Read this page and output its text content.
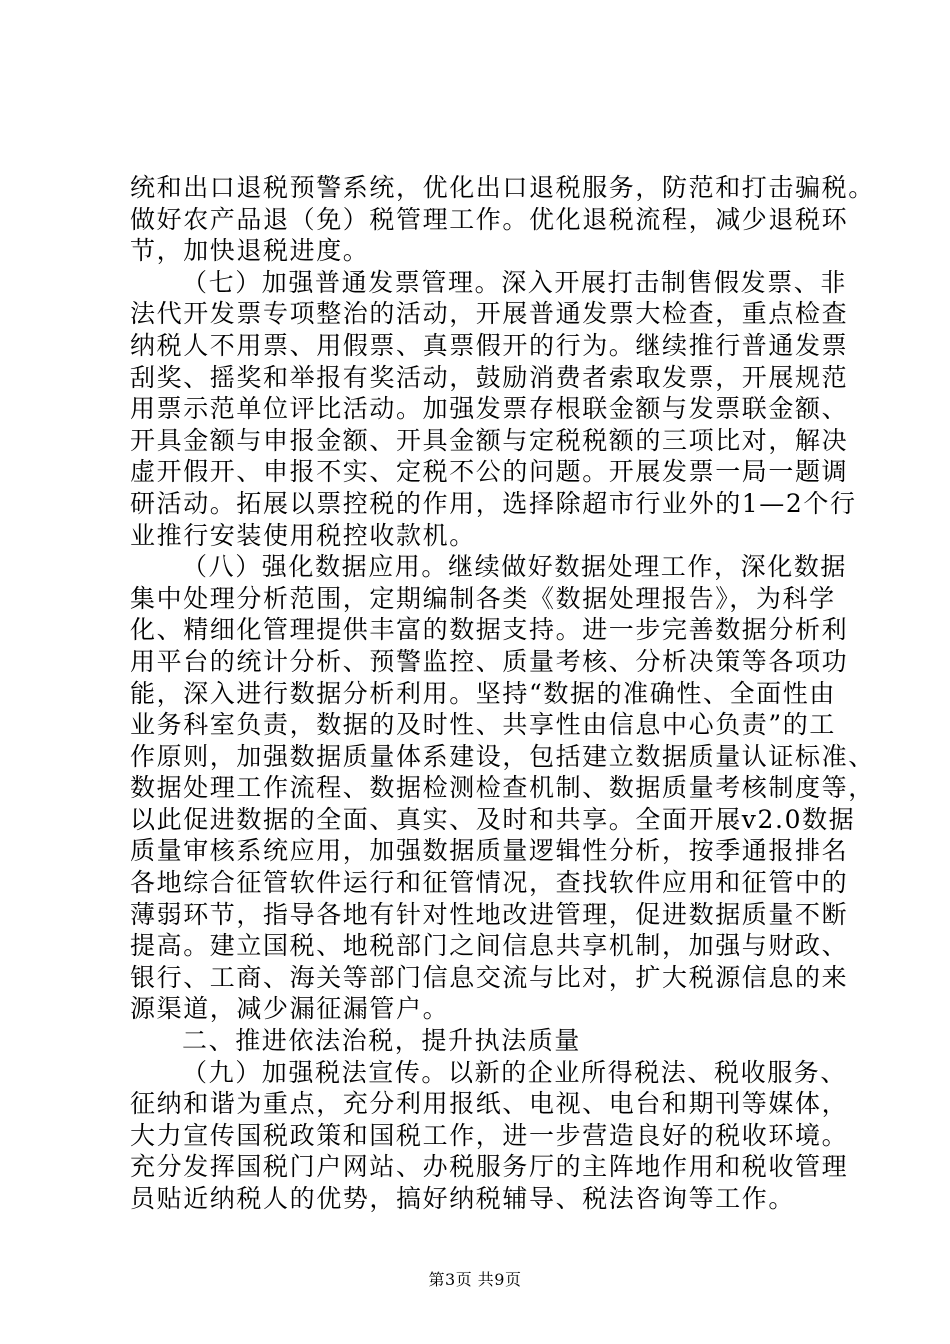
统和出口退税预警系统，优化出口退税服务，防范和打击骗税。
做好农产品退（免）税管理工作。优化退税流程，减少退税环
节，加快退税进度。
（七）加强普通发票管理。深入开展打击制售假发票、非
法代开发票专项整治的活动，开展普通发票大检查，重点检查
纳税人不用票、用假票、真票假开的行为。继续推行普通发票
刮奖、摇奖和举报有奖活动，鼓励消费者索取发票，开展规范
用票示范单位评比活动。加强发票存根联金额与发票联金额、
开具金额与申报金额、开具金额与定税税额的三项比对，解决
虚开假开、申报不实、定税不公的问题。开展发票一局一题调
研活动。拓展以票控税的作用，选择除超市行业外的1—2个行
业推行安装使用税控收款机。
（八）强化数据应用。继续做好数据处理工作，深化数据
集中处理分析范围，定期编制各类《数据处理报告》，为科学
化、精细化管理提供丰富的数据支持。进一步完善数据分析利
用平台的统计分析、预警监控、质量考核、分析决策等各项功
能，深入进行数据分析利用。坚持“数据的准确性、全面性由
业务科室负责，数据的及时性、共享性由信息中心负责”的工
作原则，加强数据质量体系建设，包括建立数据质量认证标准、
数据处理工作流程、数据检测检查机制、数据质量考核制度等，
以此促进数据的全面、真实、及时和共享。全面开展v2.0数据
质量审核系统应用，加强数据质量逻辑性分析，按季通报排名
各地综合征管软件运行和征管情况，查找软件应用和征管中的
薄弱环节，指导各地有针对性地改进管理，促进数据质量不断
提高。建立国税、地税部门之间信息共享机制，加强与财政、
银行、工商、海关等部门信息交流与比对，扩大税源信息的来
源渠道，减少漏征漏管户。
二、推进依法治税，提升执法质量
（九）加强税法宣传。以新的企业所得税法、税收服务、
征纳和谐为重点，充分利用报纸、电视、电台和期刊等媒体，
大力宣传国税政策和国税工作，进一步营造良好的税收环境。
充分发挥国税门户网站、办税服务厅的主阵地作用和税收管理
员贴近纳税人的优势，搞好纳税辅导、税法咨询等工作。
第3页 共9页
